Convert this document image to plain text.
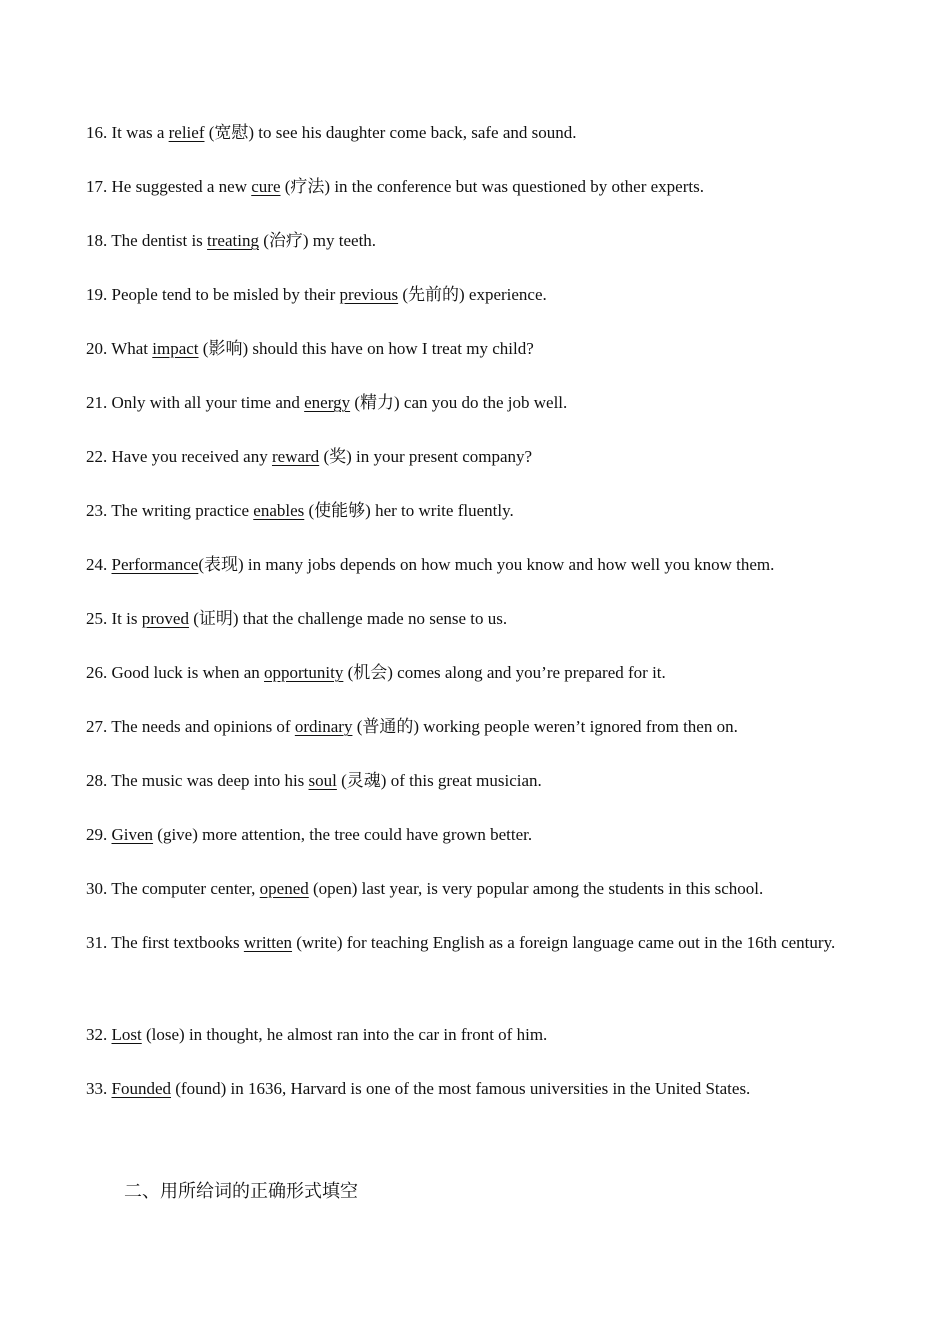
16. It was a relief (宽慰) to see his daughter come back, safe and sound.
17. He suggested a new cure (疗法) in the conference but was questioned by other experts.
18. The dentist is treating (治疗) my teeth.
19. People tend to be misled by their previous (先前的) experience.
20. What impact (影响) should this have on how I treat my child?
21. Only with all your time and energy (精力) can you do the job well.
22. Have you received any reward (奖) in your present company?
23. The writing practice enables (使能够) her to write fluently.
24. Performance(表现) in many jobs depends on how much you know and how well you know them.
25. It is proved (证明) that the challenge made no sense to us.
26. Good luck is when an opportunity (机会) comes along and you’re prepared for it.
27. The needs and opinions of ordinary (普通的) working people weren’t ignored from then on.
28. The music was deep into his soul (灵魂) of this great musician.
29. Given (give) more attention, the tree could have grown better.
30. The computer center, opened (open) last year, is very popular among the students in this school.
31. The first textbooks written (write) for teaching English as a foreign language came out in the 16th century.
32. Lost (lose) in thought, he almost ran into the car in front of him.
33. Founded (found) in 1636, Harvard is one of the most famous universities in the United States.
二、用所给词的正确形式填空
